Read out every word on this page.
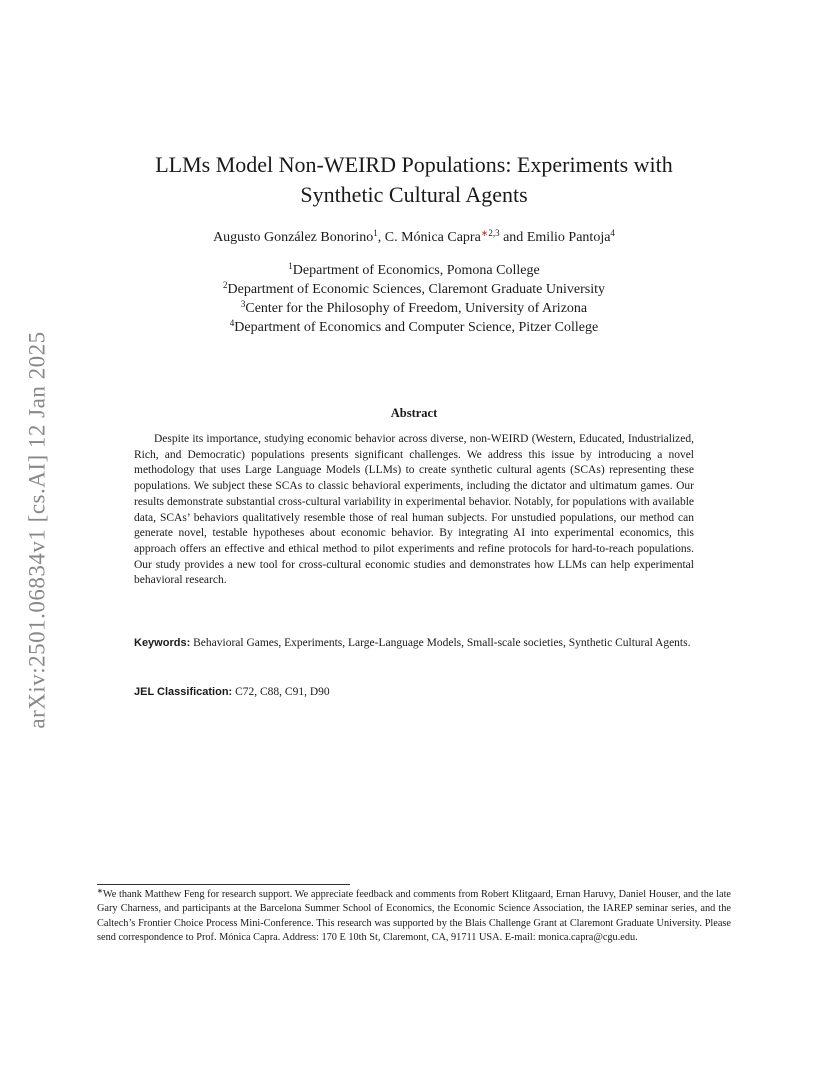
arXiv:2501.06834v1 [cs.AI] 12 Jan 2025
LLMs Model Non-WEIRD Populations: Experiments with
Synthetic Cultural Agents
Augusto González Bonorino$^1$, C. Mónica Capra$^{∗2,3}$ and Emilio Pantoja$^4$
$^1$Department of Economics, Pomona College
$^2$Department of Economic Sciences, Claremont Graduate University
$^3$Center for the Philosophy of Freedom, University of Arizona
$^4$Department of Economics and Computer Science, Pitzer College
Abstract

Despite its importance, studying economic behavior across diverse, non-WEIRD (Western, Educated, Industrialized, Rich, and Democratic) populations presents significant challenges. We address this issue by introducing a novel methodology that uses Large Language Models (LLMs) to create synthetic cultural agents (SCAs) representing these populations. We subject these SCAs to classic behavioral experiments, including the dictator and ultimatum games. Our results demonstrate substantial cross-cultural variability in experimental behavior. Notably, for populations with available data, SCAs’ behaviors qualitatively resemble those of real human subjects. For unstudied populations, our method can generate novel, testable hypotheses about economic behavior. By integrating AI into experimental economics, this approach offers an effective and ethical method to pilot experiments and refine protocols for hard-to-reach populations. Our study provides a new tool for cross-cultural economic studies and demonstrates how LLMs can help experimental behavioral research.

Keywords: Behavioral Games, Experiments, Large-Language Models, Small-scale societies, Synthetic Cultural Agents.

JEL Classification: C72, C88, C91, D90

∗We thank Matthew Feng for research support. We appreciate feedback and comments from Robert Klitgaard, Ernan Haruvy, Daniel Houser, and the late Gary Charness, and participants at the Barcelona Summer School of Economics, the Economic Science Association, the IAREP seminar series, and the Caltech’s Frontier Choice Process Mini-Conference. This research was supported by the Blais Challenge Grant at Claremont Graduate University. Please send correspondence to Prof. Mónica Capra. Address: 170 E 10th St, Claremont, CA, 91711 USA. E-mail: monica.capra@cgu.edu.
